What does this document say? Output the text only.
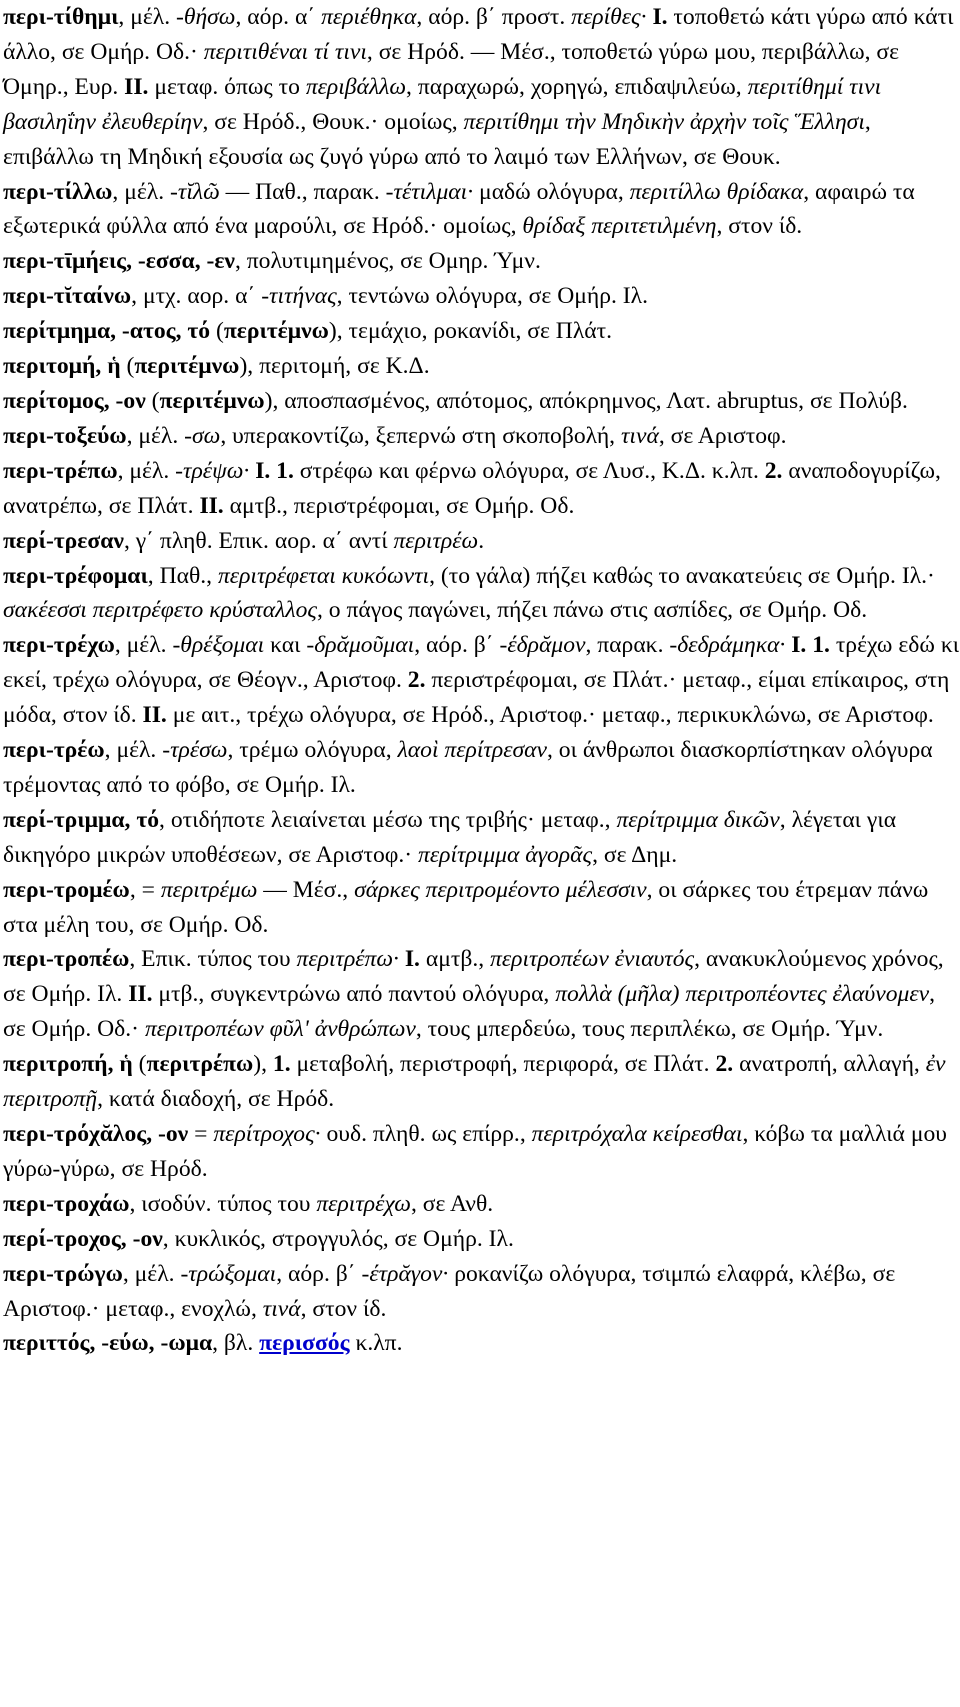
περι-τίθημι, μέλ. -θήσω, αόρ. α΄ περιέθηκα, αόρ. β΄ προστ. περίθες· I. τοποθετώ κάτι γύρω από κάτι άλλο, σε Ομήρ. Οδ.· περιτιθέναι τί τινι, σε Ηρόδ. — Μέσ., τοποθετώ γύρω μου, περιβάλλω, σε Όμηρ., Ευρ. II. μεταφ. όπως το περιβάλλω, παραχωρώ, χορηγώ, επιδαψιλεύω, περιτίθημί τινι βασιληΐην ἐλευθερίην, σε Ηρόδ., Θουκ.· ομοίως, περιτίθημι τὴν Μηδικὴν ἀρχὴν τοῖς Ἕλλησι, επιβάλλω τη Μηδική εξουσία ως ζυγό γύρω από το λαιμό των Ελλήνων, σε Θουκ.

περι-τίλλω, μέλ. -τῐλῶ — Παθ., παρακ. -τέτιλμαι· μαδώ ολόγυρα, περιτίλλω θρίδακα, αφαιρώ τα εξωτερικά φύλλα από ένα μαρούλι, σε Ηρόδ.· ομοίως, θρίδαξ περιτετιλμένη, στον ίδ.

περι-τῑμήεις, -εσσα, -εν, πολυτιμημένος, σε Ομηρ. Ύμν.

περι-τῐταίνω, μτχ. αορ. α΄ -τιτήνας, τεντώνω ολόγυρα, σε Ομήρ. Ιλ.

περίτμημα, -ατος, τό (περιτέμνω), τεμάχιο, ροκανίδι, σε Πλάτ.

περιτομή, ἡ (περιτέμνω), περιτομή, σε Κ.Δ.

περίτομος, -ον (περιτέμνω), αποσπασμένος, απότομος, απόκρημνος, Λατ. abruptus, σε Πολύβ.

περι-τοξεύω, μέλ. -σω, υπερακοντίζω, ξεπερνώ στη σκοποβολή, τινά, σε Αριστοφ.

περι-τρέπω, μέλ. -τρέψω· I. 1. στρέφω και φέρνω ολόγυρα, σε Λυσ., Κ.Δ. κ.λπ. 2. αναποδογυρίζω, ανατρέπω, σε Πλάτ. II. αμτβ., περιστρέφομαι, σε Ομήρ. Οδ.

περί-τρεσαν, γ΄ πληθ. Επικ. αορ. α΄ αντί περιτρέω.

περι-τρέφομαι, Παθ., περιτρέφεται κυκόωντι, (το γάλα) πήζει καθώς το ανακατεύεις σε Ομήρ. Ιλ.· σακέεσσι περιτρέφετο κρύσταλλος, ο πάγος παγώνει, πήζει πάνω στις ασπίδες, σε Ομήρ. Οδ.

περι-τρέχω, μέλ. -θρέξομαι και -δρᾰμοῦμαι, αόρ. β΄ -έδρᾰμον, παρακ. -δεδράμηκα· I. 1. τρέχω εδώ κι εκεί, τρέχω ολόγυρα, σε Θέογν., Αριστοφ. 2. περιστρέφομαι, σε Πλάτ.· μεταφ., είμαι επίκαιρος, στη μόδα, στον ίδ. II. με αιτ., τρέχω ολόγυρα, σε Ηρόδ., Αριστοφ.· μεταφ., περικυκλώνω, σε Αριστοφ.

περι-τρέω, μέλ. -τρέσω, τρέμω ολόγυρα, λαοὶ περίτρεσαν, οι άνθρωποι διασκορπίστηκαν ολόγυρα τρέμοντας από το φόβο, σε Ομήρ. Ιλ.

περί-τριμμα, τό, οτιδήποτε λειαίνεται μέσω της τριβής· μεταφ., περίτριμμα δικῶν, λέγεται για δικηγόρο μικρών υποθέσεων, σε Αριστοφ.· περίτριμμα ἀγορᾶς, σε Δημ.

περι-τρομέω, = περιτρέμω — Μέσ., σάρκες περιτρομέοντο μέλεσσιν, οι σάρκες του έτρεμαν πάνω στα μέλη του, σε Ομήρ. Οδ.

περι-τροπέω, Επικ. τύπος του περιτρέπω· I. αμτβ., περιτροπέων ἐνιαυτός, ανακυκλούμενος χρόνος, σε Ομήρ. Ιλ. II. μτβ., συγκεντρώνω από παντού ολόγυρα, πολλὰ (μῆλα) περιτροπέοντες ἐλαύνομεν, σε Ομήρ. Οδ.· περιτροπέων φῦλ' ἀνθρώπων, τους μπερδεύω, τους περιπλέκω, σε Ομήρ. Ύμν.

περιτροπή, ἡ (περιτρέπω), 1. μεταβολή, περιστροφή, περιφορά, σε Πλάτ. 2. ανατροπή, αλλαγή, ἐν περιτροπῇ, κατά διαδοχή, σε Ηρόδ.

περι-τρόχᾰλος, -ον = περίτροχος· ουδ. πληθ. ως επίρρ., περιτρόχαλα κείρεσθαι, κόβω τα μαλλιά μου γύρω-γύρω, σε Ηρόδ.

περι-τροχάω, ισοδύν. τύπος του περιτρέχω, σε Ανθ.

περί-τροχος, -ον, κυκλικός, στρογγυλός, σε Ομήρ. Ιλ.

περι-τρώγω, μέλ. -τρώξομαι, αόρ. β΄ -έτρᾰγον· ροκανίζω ολόγυρα, τσιμπώ ελαφρά, κλέβω, σε Αριστοφ.· μεταφ., ενοχλώ, τινά, στον ίδ.

περιττός, -εύω, -ωμα, βλ. περισσός κ.λπ.
